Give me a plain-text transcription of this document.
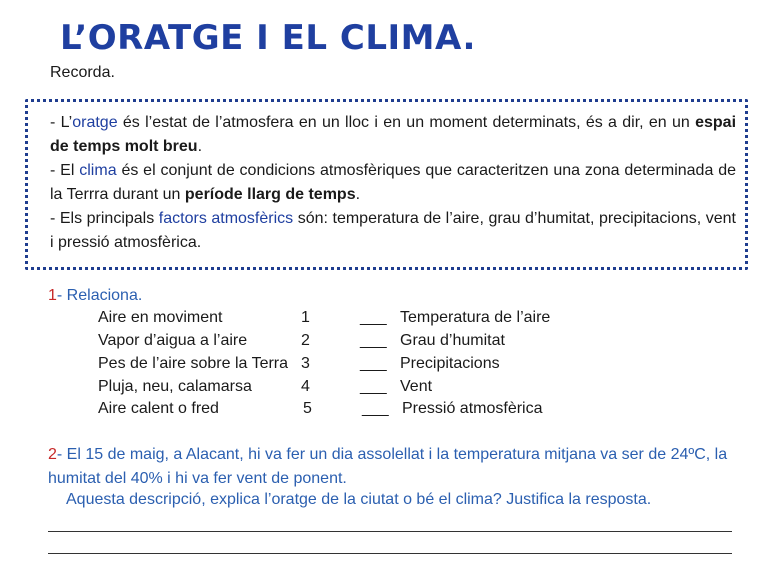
L’ORATGE I EL CLIMA.
Recorda.

- L’oratge és l’estat de l’atmosfera en un lloc i en un moment determinats, és a dir, en un espai de temps molt breu.

- El clima és el conjunt de condicions atmosfèriques que caracteritzen una zona determinada de la Terrra durant un període llarg de temps.

- Els principals factors atmosfèrics són: temperatura de l’aire, grau d’humitat, precipitacions, vent i pressió atmosfèrica.

1- Relaciona.
Aire en moviment	1	___ Temperatura de l’aire
Vapor d’aigua a l’aire	2	___ Grau d’humitat
Pes de l’aire sobre la Terra 3	___ Precipitacions
Pluja, neu, calamarsa	4	___ Vent
Aire calent o fred	5	___ Pressió atmosfèrica
2- El 15 de maig, a Alacant, hi va fer un dia assolellat i la temperatura mitjana va ser de 24ºC, la humitat del 40% i hi va fer vent de ponent.
Aquesta descripció, explica l’oratge de la ciutat o bé el clima? Justifica la resposta.
